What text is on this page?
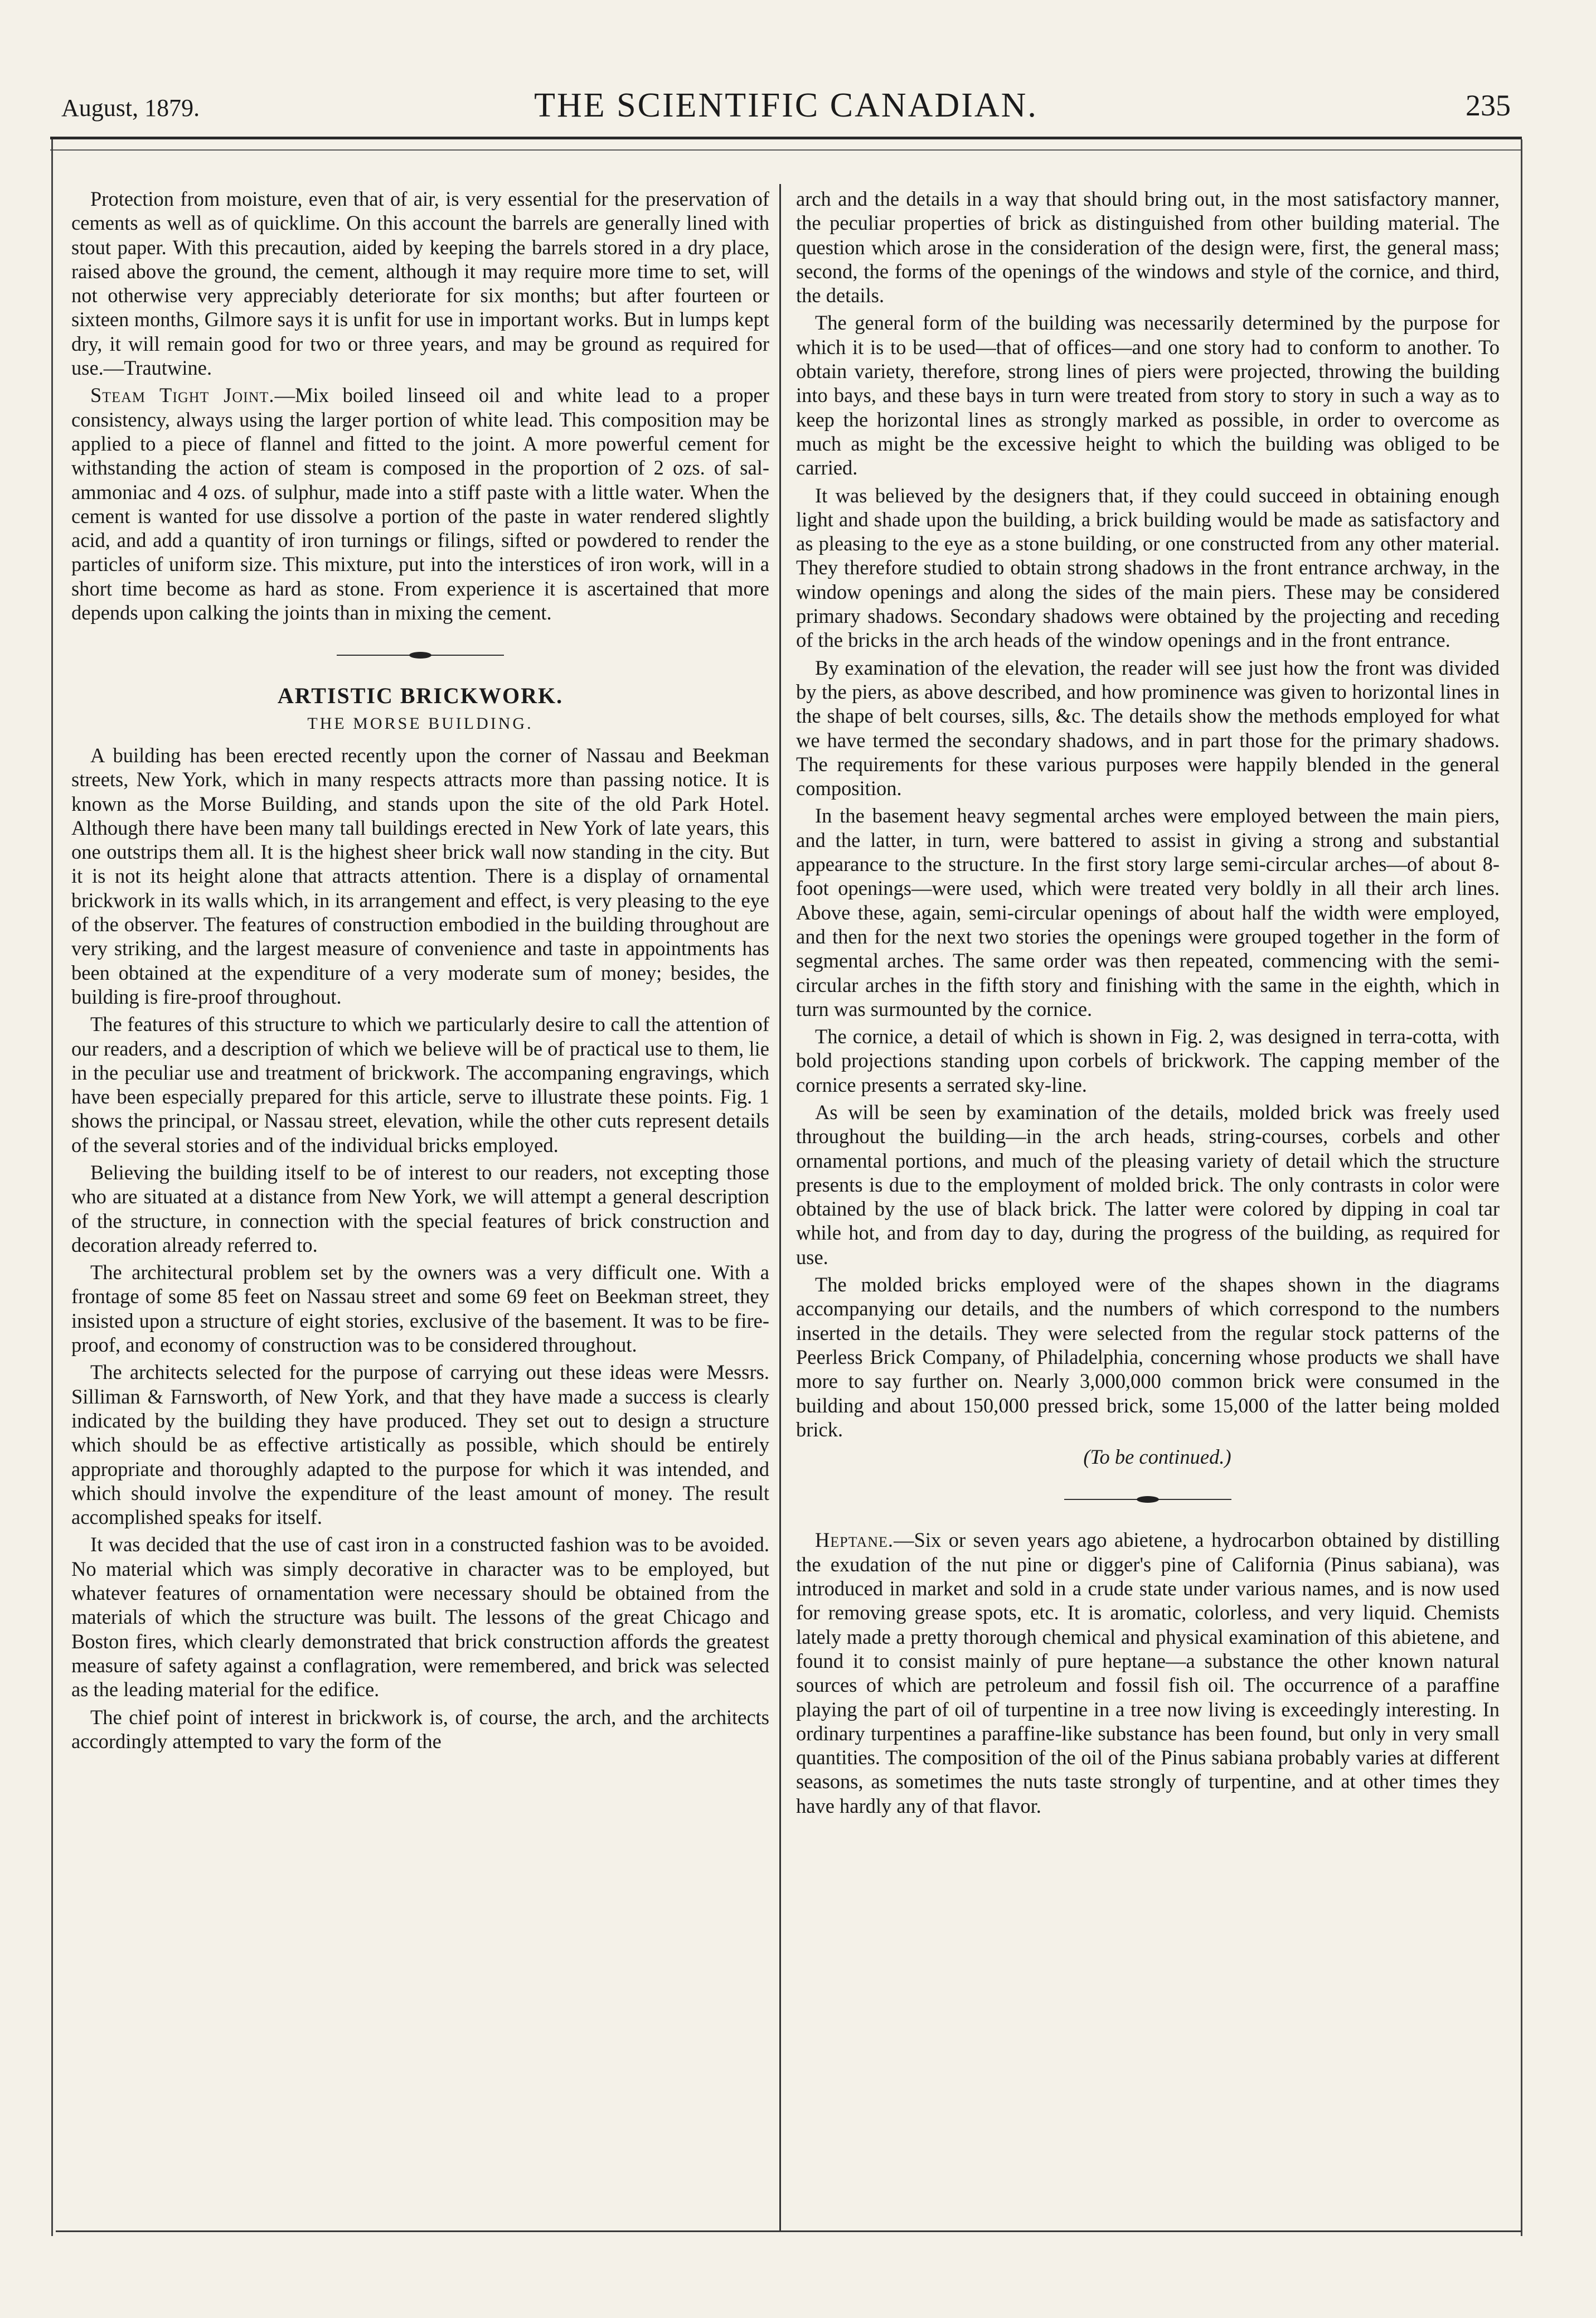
August, 1879.	THE SCIENTIFIC CANADIAN.	235

Protection from moisture, even that of air, is very essential for the preservation of cements as well as of quicklime. On this account the barrels are generally lined with stout paper. With this precaution, aided by keeping the barrels stored in a dry place, raised above the ground, the cement, although it may require more time to set, will not otherwise very appreciably deteriorate for six months; but after fourteen or sixteen months, Gilmore says it is unfit for use in important works. But in lumps kept dry, it will remain good for two or three years, and may be ground as required for use.—Trautwine.

Steam Tight Joint.—Mix boiled linseed oil and white lead to a proper consistency, always using the larger portion of white lead. This composition may be applied to a piece of flannel and fitted to the joint. A more powerful cement for withstanding the action of steam is composed in the proportion of 2 ozs. of sal-ammoniac and 4 ozs. of sulphur, made into a stiff paste with a little water. When the cement is wanted for use dissolve a portion of the paste in water rendered slightly acid, and add a quantity of iron turnings or filings, sifted or powdered to render the particles of uniform size. This mixture, put into the interstices of iron work, will in a short time become as hard as stone. From experience it is ascertained that more depends upon calking the joints than in mixing the cement.

ARTISTIC BRICKWORK.
THE MORSE BUILDING.

A building has been erected recently upon the corner of Nassau and Beekman streets, New York, which in many respects attracts more than passing notice. It is known as the Morse Building, and stands upon the site of the old Park Hotel. Although there have been many tall buildings erected in New York of late years, this one outstrips them all. It is the highest sheer brick wall now standing in the city. But it is not its height alone that attracts attention. There is a display of ornamental brickwork in its walls which, in its arrangement and effect, is very pleasing to the eye of the observer. The features of construction embodied in the building throughout are very striking, and the largest measure of convenience and taste in appointments has been obtained at the expenditure of a very moderate sum of money; besides, the building is fire-proof throughout.

The features of this structure to which we particularly desire to call the attention of our readers, and a description of which we believe will be of practical use to them, lie in the peculiar use and treatment of brickwork. The accompaning engravings, which have been especially prepared for this article, serve to illustrate these points. Fig. 1 shows the principal, or Nassau street, elevation, while the other cuts represent details of the several stories and of the individual bricks employed.

Believing the building itself to be of interest to our readers, not excepting those who are situated at a distance from New York, we will attempt a general description of the structure, in connection with the special features of brick construction and decoration already referred to.

The architectural problem set by the owners was a very difficult one. With a frontage of some 85 feet on Nassau street and some 69 feet on Beekman street, they insisted upon a structure of eight stories, exclusive of the basement. It was to be fire-proof, and economy of construction was to be considered throughout.

The architects selected for the purpose of carrying out these ideas were Messrs. Silliman & Farnsworth, of New York, and that they have made a success is clearly indicated by the building they have produced. They set out to design a structure which should be as effective artistically as possible, which should be entirely appropriate and thoroughly adapted to the purpose for which it was intended, and which should involve the expenditure of the least amount of money. The result accomplished speaks for itself.

It was decided that the use of cast iron in a constructed fashion was to be avoided. No material which was simply decorative in character was to be employed, but whatever features of ornamentation were necessary should be obtained from the materials of which the structure was built. The lessons of the great Chicago and Boston fires, which clearly demonstrated that brick construction affords the greatest measure of safety against a conflagration, were remembered, and brick was selected as the leading material for the edifice.

The chief point of interest in brickwork is, of course, the arch, and the architects accordingly attempted to vary the form of the

arch and the details in a way that should bring out, in the most satisfactory manner, the peculiar properties of brick as distinguished from other building material. The question which arose in the consideration of the design were, first, the general mass; second, the forms of the openings of the windows and style of the cornice, and third, the details.

The general form of the building was necessarily determined by the purpose for which it is to be used—that of offices—and one story had to conform to another. To obtain variety, therefore, strong lines of piers were projected, throwing the building into bays, and these bays in turn were treated from story to story in such a way as to keep the horizontal lines as strongly marked as possible, in order to overcome as much as might be the excessive height to which the building was obliged to be carried.

It was believed by the designers that, if they could succeed in obtaining enough light and shade upon the building, a brick building would be made as satisfactory and as pleasing to the eye as a stone building, or one constructed from any other material. They therefore studied to obtain strong shadows in the front entrance archway, in the window openings and along the sides of the main piers. These may be considered primary shadows. Secondary shadows were obtained by the projecting and receding of the bricks in the arch heads of the window openings and in the front entrance.

By examination of the elevation, the reader will see just how the front was divided by the piers, as above described, and how prominence was given to horizontal lines in the shape of belt courses, sills, &c. The details show the methods employed for what we have termed the secondary shadows, and in part those for the primary shadows. The requirements for these various purposes were happily blended in the general composition.

In the basement heavy segmental arches were employed between the main piers, and the latter, in turn, were battered to assist in giving a strong and substantial appearance to the structure. In the first story large semi-circular arches—of about 8-foot openings—were used, which were treated very boldly in all their arch lines. Above these, again, semi-circular openings of about half the width were employed, and then for the next two stories the openings were grouped together in the form of segmental arches. The same order was then repeated, commencing with the semi-circular arches in the fifth story and finishing with the same in the eighth, which in turn was surmounted by the cornice.

The cornice, a detail of which is shown in Fig. 2, was designed in terra-cotta, with bold projections standing upon corbels of brickwork. The capping member of the cornice presents a serrated sky-line.

As will be seen by examination of the details, molded brick was freely used throughout the building—in the arch heads, string-courses, corbels and other ornamental portions, and much of the pleasing variety of detail which the structure presents is due to the employment of molded brick. The only contrasts in color were obtained by the use of black brick. The latter were colored by dipping in coal tar while hot, and from day to day, during the progress of the building, as required for use.

The molded bricks employed were of the shapes shown in the diagrams accompanying our details, and the numbers of which correspond to the numbers inserted in the details. They were selected from the regular stock patterns of the Peerless Brick Company, of Philadelphia, concerning whose products we shall have more to say further on. Nearly 3,000,000 common brick were consumed in the building and about 150,000 pressed brick, some 15,000 of the latter being molded brick.

(To be continued.)

Heptane.—Six or seven years ago abietene, a hydrocarbon obtained by distilling the exudation of the nut pine or digger's pine of California (Pinus sabiana), was introduced in market and sold in a crude state under various names, and is now used for removing grease spots, etc. It is aromatic, colorless, and very liquid. Chemists lately made a pretty thorough chemical and physical examination of this abietene, and found it to consist mainly of pure heptane—a substance the other known natural sources of which are petroleum and fossil fish oil. The occurrence of a paraffine playing the part of oil of turpentine in a tree now living is exceedingly interesting. In ordinary turpentines a paraffine-like substance has been found, but only in very small quantities. The composition of the oil of the Pinus sabiana probably varies at different seasons, as sometimes the nuts taste strongly of turpentine, and at other times they have hardly any of that flavor.
